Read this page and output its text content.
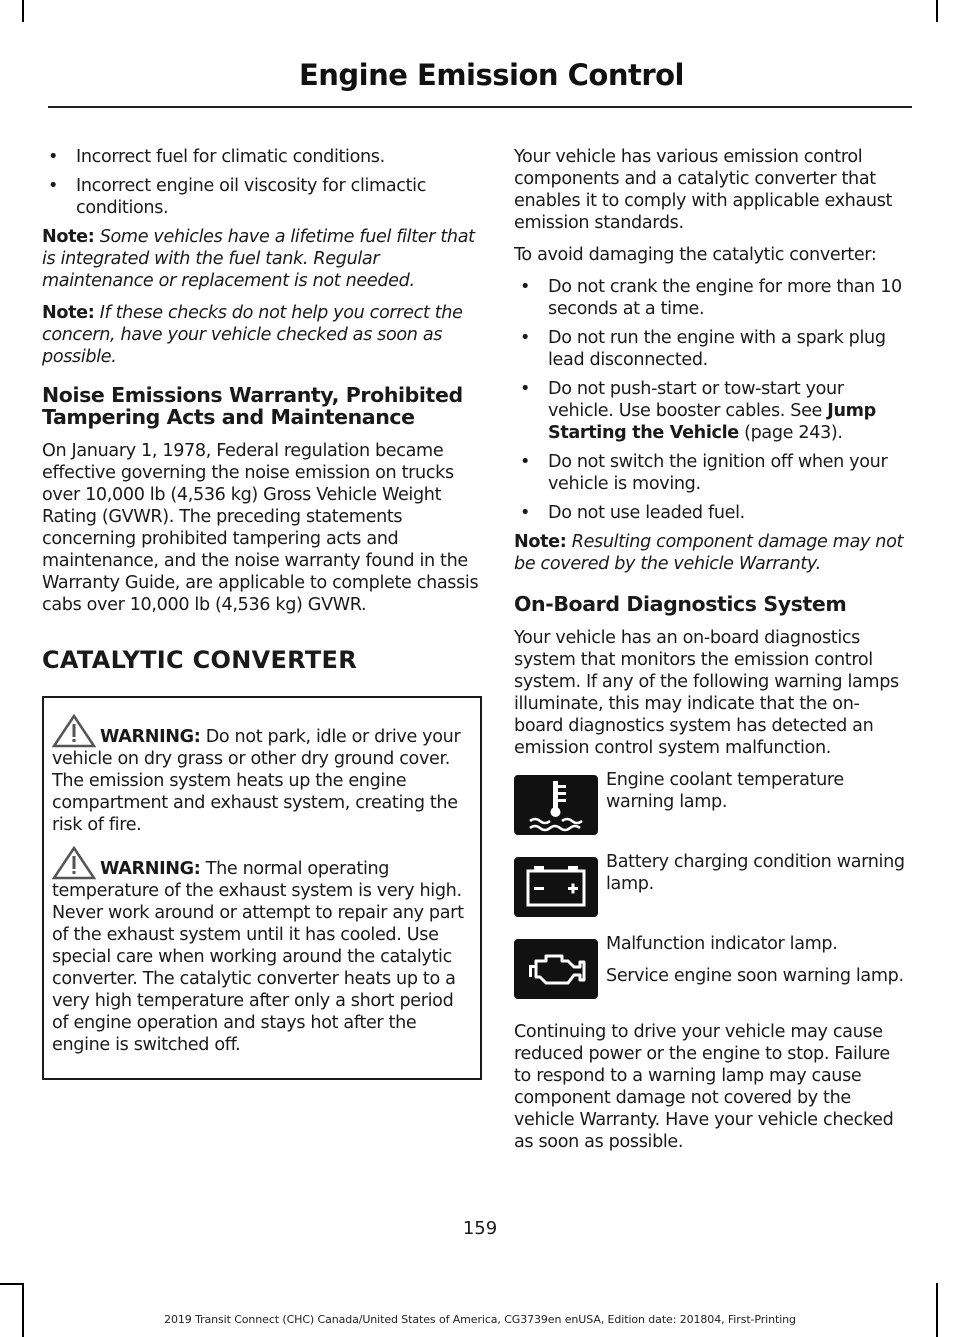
Engine Emission Control
• Incorrect fuel for climatic conditions.
• Incorrect engine oil viscosity for climactic conditions.

Note: Some vehicles have a lifetime fuel filter that is integrated with the fuel tank. Regular maintenance or replacement is not needed.

Note: If these checks do not help you correct the concern, have your vehicle checked as soon as possible.

Noise Emissions Warranty, Prohibited Tampering Acts and Maintenance

On January 1, 1978, Federal regulation became effective governing the noise emission on trucks over 10,000 lb (4,536 kg) Gross Vehicle Weight Rating (GVWR). The preceding statements concerning prohibited tampering acts and maintenance, and the noise warranty found in the Warranty Guide, are applicable to complete chassis cabs over 10,000 lb (4,536 kg) GVWR.

CATALYTIC CONVERTER

WARNING: Do not park, idle or drive your vehicle on dry grass or other dry ground cover. The emission system heats up the engine compartment and exhaust system, creating the risk of fire.

WARNING: The normal operating temperature of the exhaust system is very high. Never work around or attempt to repair any part of the exhaust system until it has cooled. Use special care when working around the catalytic converter. The catalytic converter heats up to a very high temperature after only a short period of engine operation and stays hot after the engine is switched off.

Your vehicle has various emission control components and a catalytic converter that enables it to comply with applicable exhaust emission standards.

To avoid damaging the catalytic converter:

• Do not crank the engine for more than 10 seconds at a time.
• Do not run the engine with a spark plug lead disconnected.
• Do not push-start or tow-start your vehicle. Use booster cables. See Jump Starting the Vehicle (page 243).
• Do not switch the ignition off when your vehicle is moving.
• Do not use leaded fuel.

Note: Resulting component damage may not be covered by the vehicle Warranty.

On-Board Diagnostics System

Your vehicle has an on-board diagnostics system that monitors the emission control system. If any of the following warning lamps illuminate, this may indicate that the on-board diagnostics system has detected an emission control system malfunction.

Engine coolant temperature warning lamp.

Battery charging condition warning lamp.

Malfunction indicator lamp.

Service engine soon warning lamp.

Continuing to drive your vehicle may cause reduced power or the engine to stop. Failure to respond to a warning lamp may cause component damage not covered by the vehicle Warranty. Have your vehicle checked as soon as possible.

159
2019 Transit Connect (CHC) Canada/United States of America, CG3739en enUSA, Edition date: 201804, First-Printing
